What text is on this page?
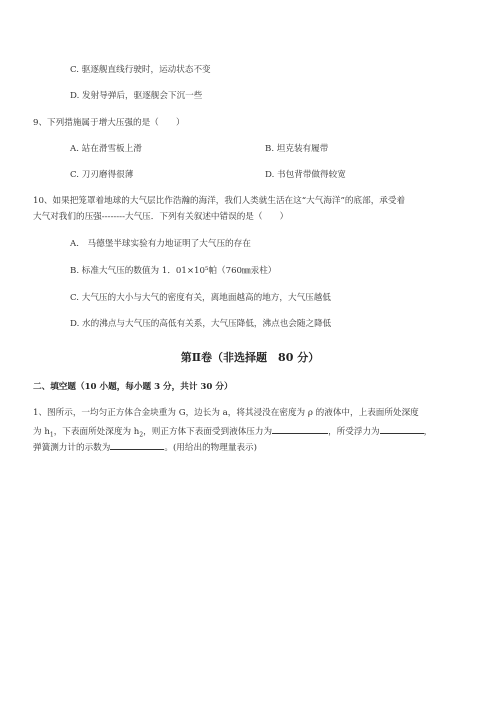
C. 驱逐舰直线行驶时，运动状态不变
D. 发射导弹后，驱逐舰会下沉一些
9、下列措施属于增大压强的是（　　）
A. 站在滑雪板上滑	B. 坦克装有履带
C. 刀刃磨得很薄	D. 书包背带做得较宽
10、如果把笼罩着地球的大气层比作浩瀚的海洋，我们人类就生活在这“大气海洋”的底部，承受着
大气对我们的压强--------大气压．下列有关叙述中错误的是（　　）
A.　马德堡半球实验有力地证明了大气压的存在
B. 标准大气压的数值为 1．01×10⁵帕（760㎜汞柱）
C. 大气压的大小与大气的密度有关，离地面越高的地方，大气压越低
D. 水的沸点与大气压的高低有关系，大气压降低，沸点也会随之降低
第Ⅱ卷（非选择题　80 分）
二、填空题（10 小题，每小题 3 分，共计 30 分）
1、图所示，一均匀正方体合金块重为 G，边长为 a，将其浸没在密度为 ρ 的液体中，上表面所处深度
为 $h_1$，下表面所处深度为 $h_2$，则正方体下表面受到液体压力为	，所受浮力为	，
弹簧测力计的示数为	。(用给出的物理量表示)
